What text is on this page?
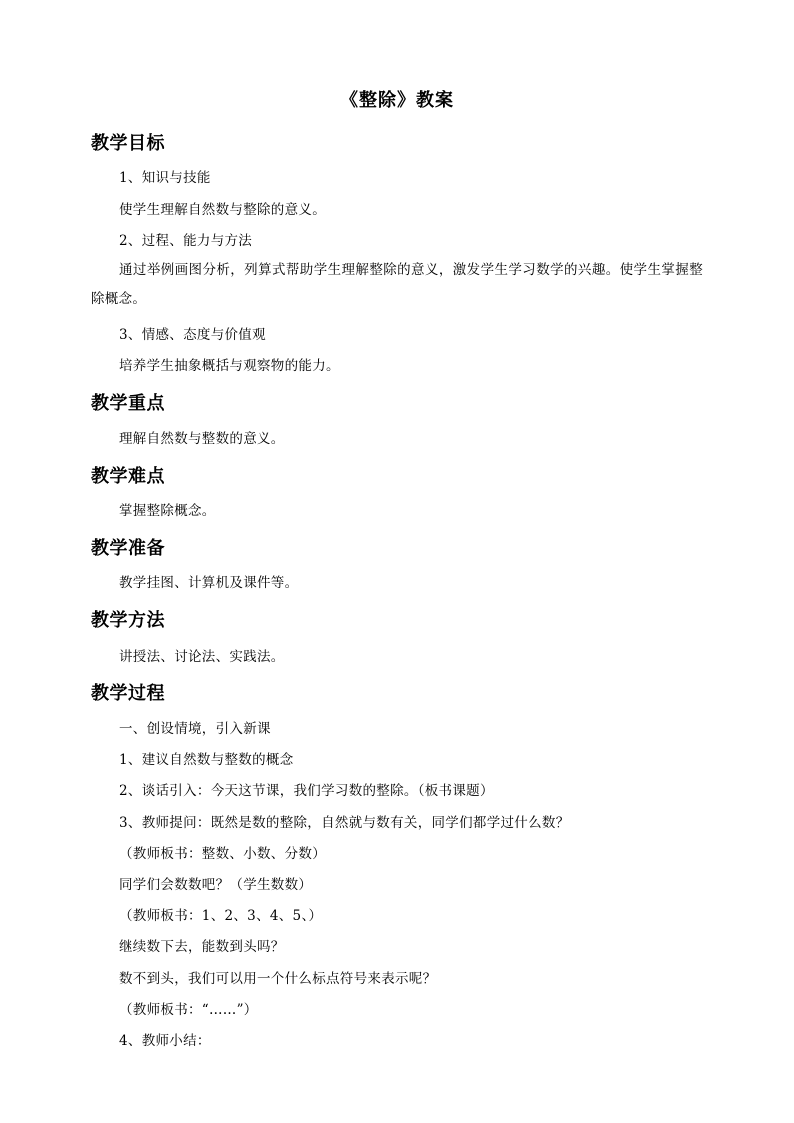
《整除》教案
教学目标
1、知识与技能
使学生理解自然数与整除的意义。
2、过程、能力与方法
通过举例画图分析，列算式帮助学生理解整除的意义，激发学生学习数学的兴趣。使学生掌握整除概念。
3、情感、态度与价值观
培养学生抽象概括与观察物的能力。
教学重点
理解自然数与整数的意义。
教学难点
掌握整除概念。
教学准备
教学挂图、计算机及课件等。
教学方法
讲授法、讨论法、实践法。
教学过程
一、创设情境，引入新课
1、建议自然数与整数的概念
2、谈话引入：今天这节课，我们学习数的整除。（板书课题）
3、教师提问：既然是数的整除，自然就与数有关，同学们都学过什么数？
（教师板书：整数、小数、分数）
同学们会数数吧？（学生数数）
（教师板书：1、2、3、4、5、）
继续数下去，能数到头吗？
数不到头，我们可以用一个什么标点符号来表示呢？
（教师板书：“……”）
4、教师小结：
